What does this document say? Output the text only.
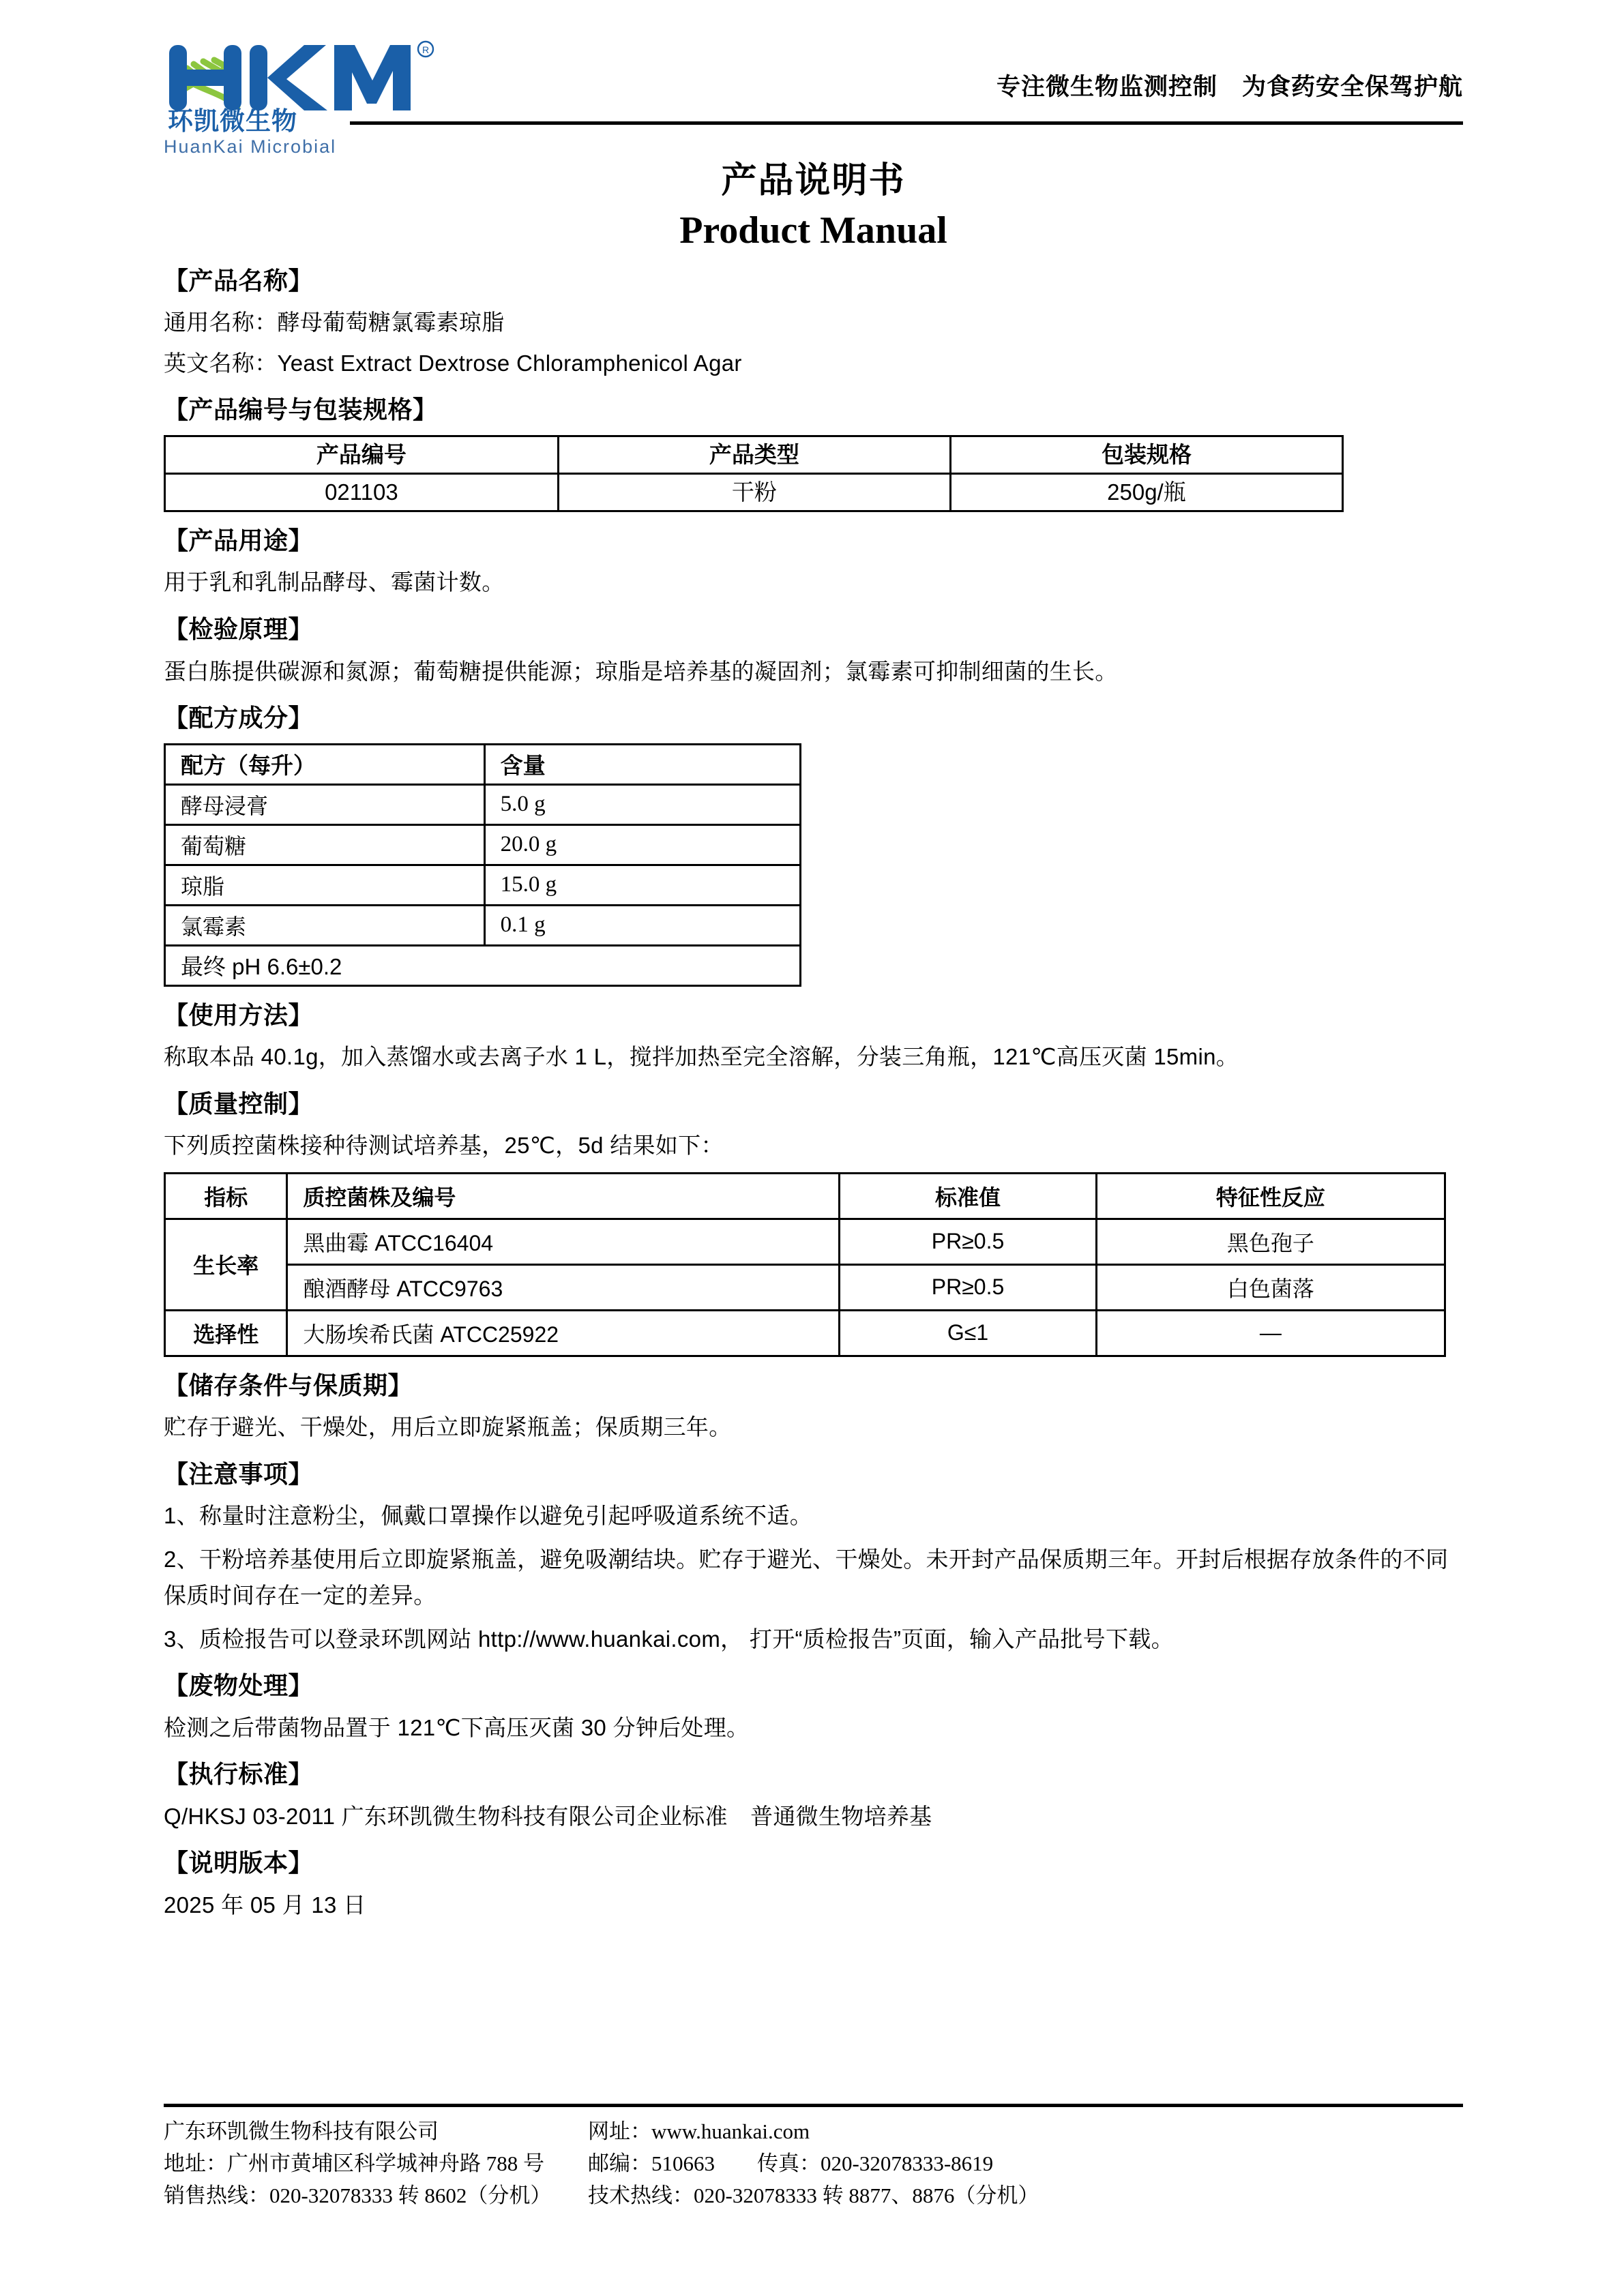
R
环凯微生物
HuanKai Microbial
专注微生物监测控制　为食药安全保驾护航
产品说明书
Product Manual
【产品名称】
通用名称：酵母葡萄糖氯霉素琼脂
英文名称：Yeast Extract Dextrose Chloramphenicol Agar
【产品编号与包装规格】
产品编号	产品类型	包装规格
021103	干粉	250g/瓶
【产品用途】
用于乳和乳制品酵母、霉菌计数。
【检验原理】
蛋白胨提供碳源和氮源；葡萄糖提供能源；琼脂是培养基的凝固剂；氯霉素可抑制细菌的生长。
【配方成分】
配方（每升）	含量
酵母浸膏	5.0 g
葡萄糖	20.0 g
琼脂	15.0 g
氯霉素	0.1 g
最终 pH 6.6±0.2	
【使用方法】
称取本品 40.1g，加入蒸馏水或去离子水 1 L，搅拌加热至完全溶解，分装三角瓶，121℃高压灭菌 15min。
【质量控制】
下列质控菌株接种待测试培养基，25℃，5d 结果如下：
指标	质控菌株及编号	标准值	特征性反应
生长率	黑曲霉 ATCC16404	PR≥0.5	黑色孢子
	酿酒酵母 ATCC9763	PR≥0.5	白色菌落
选择性	大肠埃希氏菌 ATCC25922	G≤1	—
【储存条件与保质期】
贮存于避光、干燥处，用后立即旋紧瓶盖；保质期三年。
【注意事项】
1、称量时注意粉尘，佩戴口罩操作以避免引起呼吸道系统不适。
2、干粉培养基使用后立即旋紧瓶盖，避免吸潮结块。贮存于避光、干燥处。未开封产品保质期三年。开封后根据存放条件的不同保质时间存在一定的差异。
3、质检报告可以登录环凯网站 http://www.huankai.com， 打开“质检报告”页面，输入产品批号下载。
【废物处理】
检测之后带菌物品置于 121℃下高压灭菌 30 分钟后处理。
【执行标准】
Q/HKSJ 03-2011 广东环凯微生物科技有限公司企业标准　普通微生物培养基
【说明版本】
2025 年 05 月 13 日
广东环凯微生物科技有限公司
地址：广州市黄埔区科学城神舟路 788 号
销售热线：020-32078333 转 8602（分机）
网址：www.huankai.com
邮编：510663　　传真：020-32078333-8619
技术热线：020-32078333 转 8877、8876（分机）
